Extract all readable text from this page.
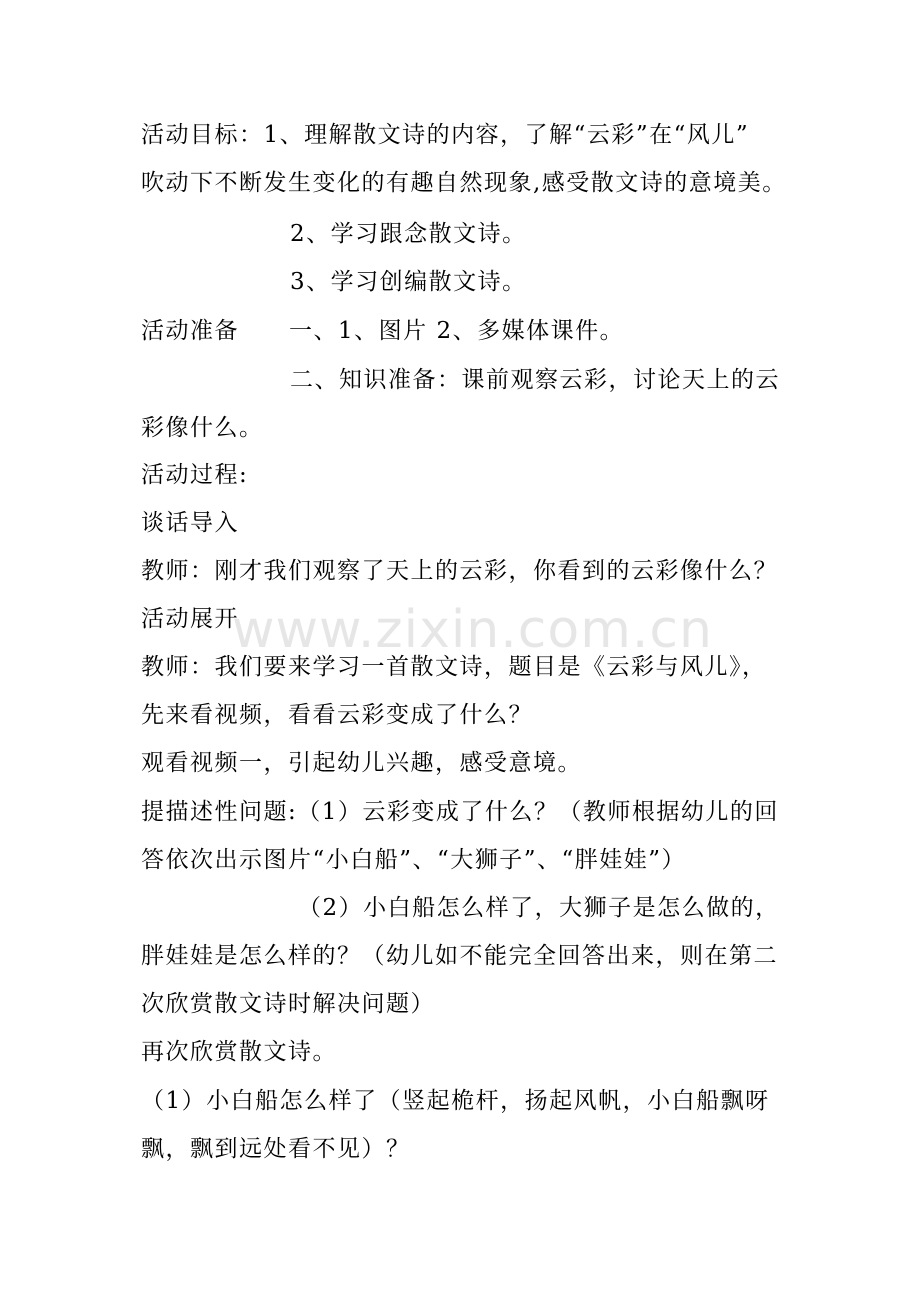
活动目标：1、理解散文诗的内容，了解“云彩”在“风儿”
吹动下不断发生变化的有趣自然现象,感受散文诗的意境美。
2、学习跟念散文诗。
3、学习创编散文诗。
活动准备 一、1、图片 2、多媒体课件。
二、知识准备：课前观察云彩，讨论天上的云
彩像什么。
活动过程:
谈话导入
教师：刚才我们观察了天上的云彩，你看到的云彩像什么？
活动展开
教师：我们要来学习一首散文诗，题目是《云彩与风儿》，
先来看视频，看看云彩变成了什么？
观看视频一，引起幼儿兴趣，感受意境。
提描述性问题:（1）云彩变成了什么？（教师根据幼儿的回
答依次出示图片“小白船”、“大狮子”、“胖娃娃”）
（2）小白船怎么样了，大狮子是怎么做的，
胖娃娃是怎么样的？（幼儿如不能完全回答出来，则在第二
次欣赏散文诗时解决问题）
再次欣赏散文诗。
（1）小白船怎么样了（竖起桅杆，扬起风帆，小白船飘呀
飘，飘到远处看不见）？
www.zixin.com.cn
